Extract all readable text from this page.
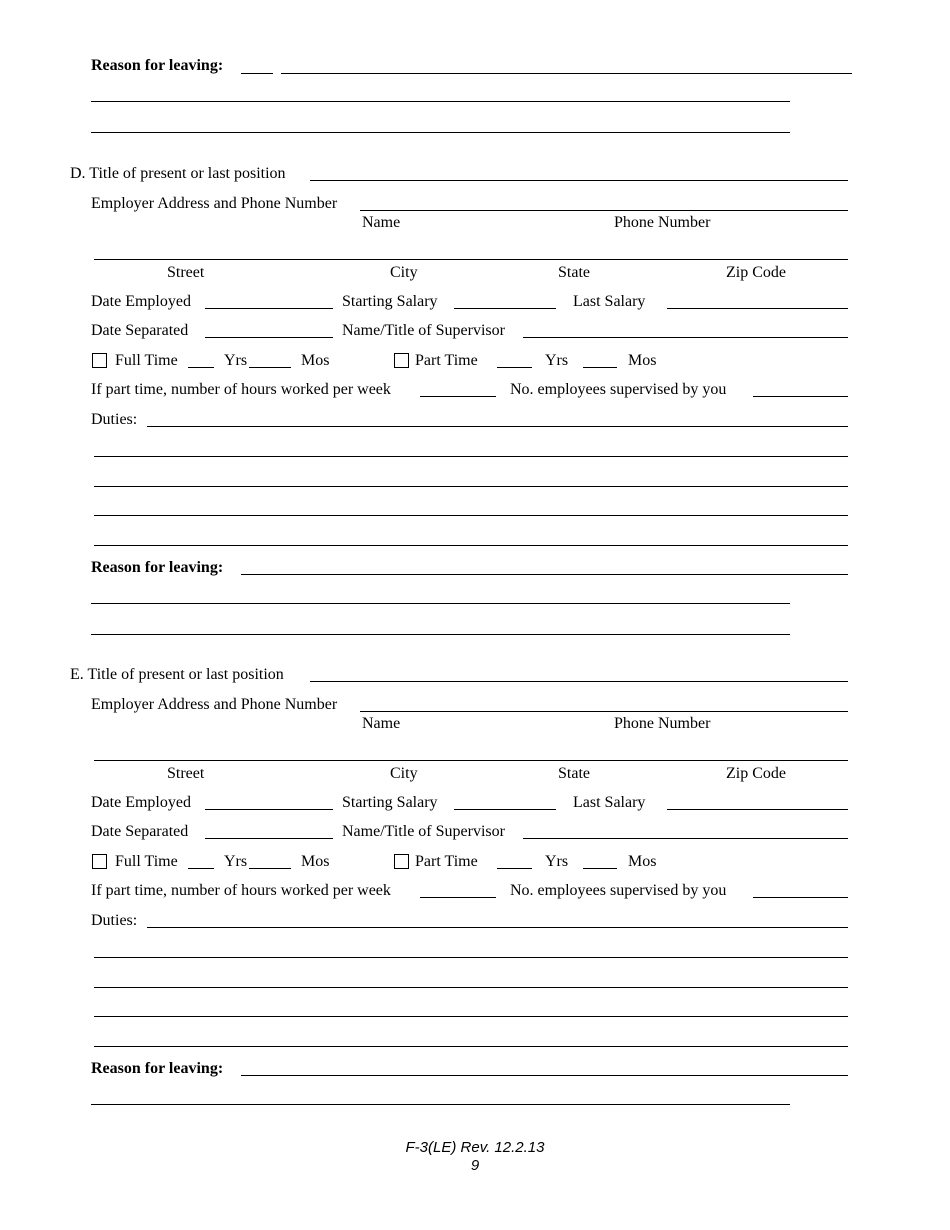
Reason for leaving:
D. Title of present or last position
Employer Address and Phone Number
Name	Phone Number
Street	City	State	Zip Code
Date Employed	Starting Salary	Last Salary
Date Separated	Name/Title of Supervisor
Full Time	Yrs	Mos	Part Time	Yrs	Mos
If part time, number of hours worked per week	No. employees supervised by you
Duties:
Reason for leaving:
E. Title of present or last position
Employer Address and Phone Number
Name	Phone Number
Street	City	State	Zip Code
Date Employed	Starting Salary	Last Salary
Date Separated	Name/Title of Supervisor
Full Time	Yrs	Mos	Part Time	Yrs	Mos
If part time, number of hours worked per week	No. employees supervised by you
Duties:
Reason for leaving:
F-3(LE) Rev. 12.2.13
9
